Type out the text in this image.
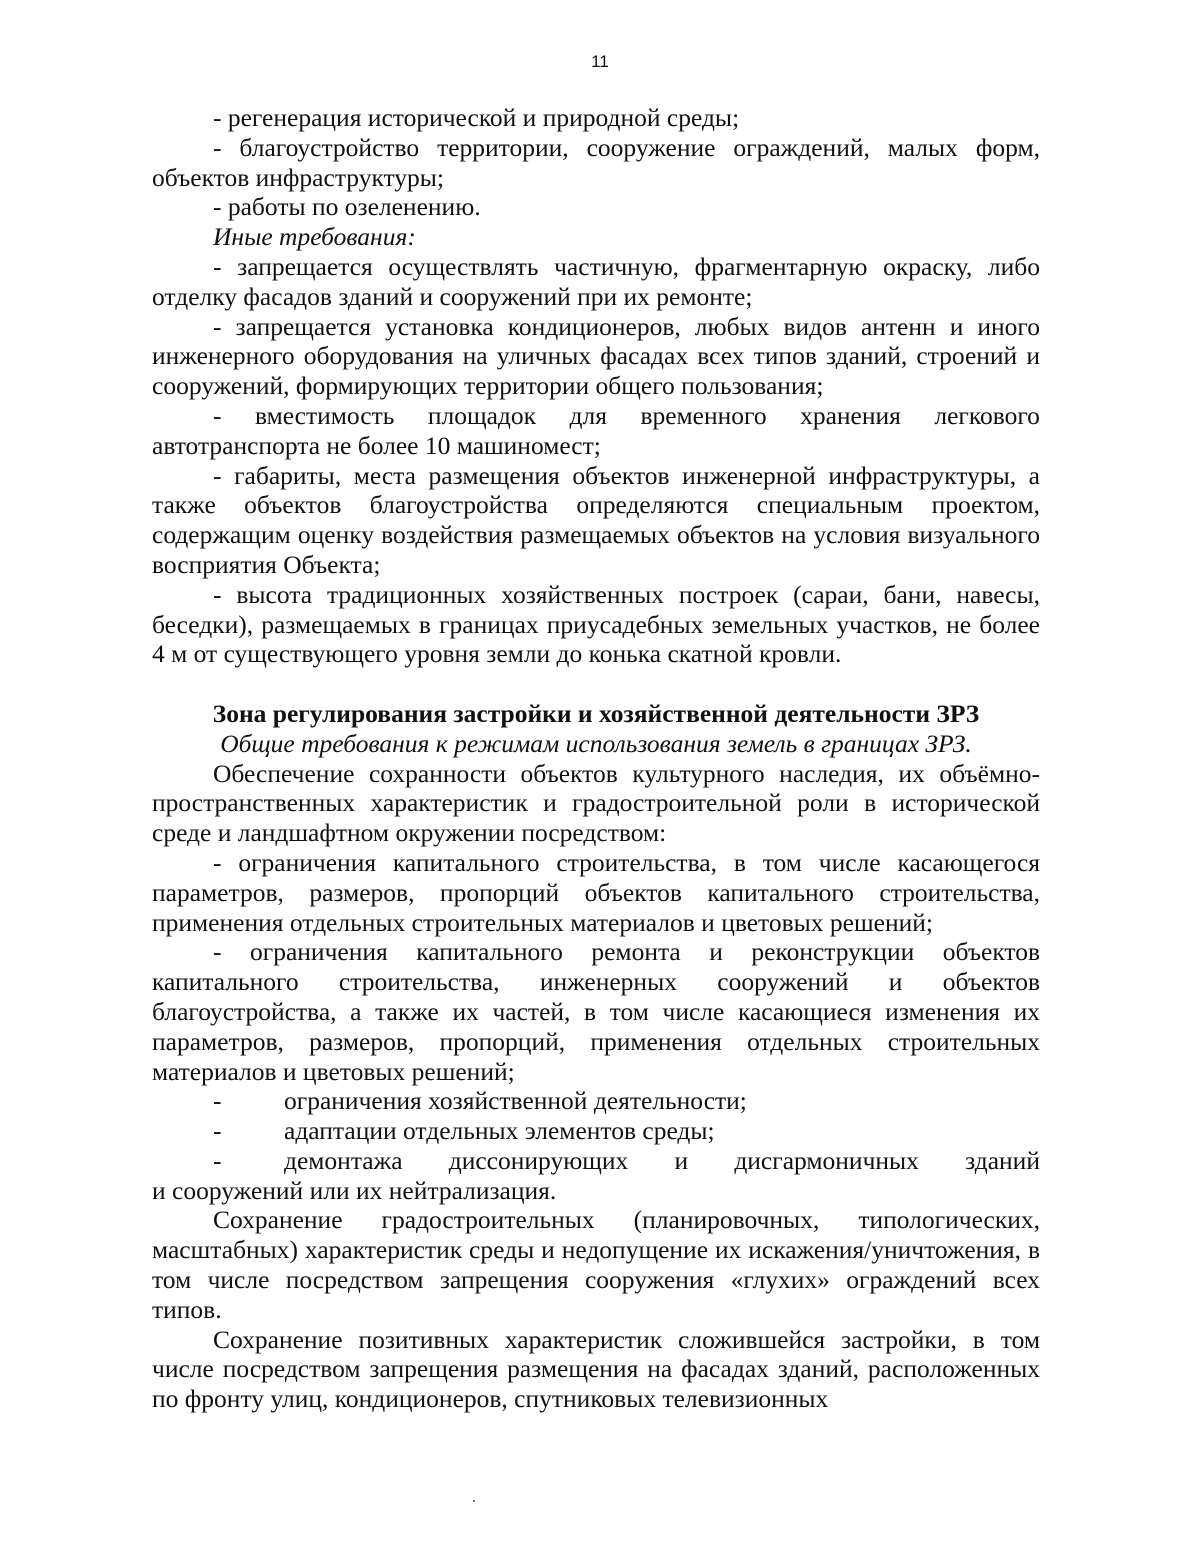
11

- регенерация исторической и природной среды;

- благоустройство территории, сооружение ограждений, малых форм, объектов инфраструктуры;

- работы по озеленению.

Иные требования:

- запрещается осуществлять частичную, фрагментарную окраску, либо отделку фасадов зданий и сооружений при их ремонте;

- запрещается установка кондиционеров, любых видов антенн и иного инженерного оборудования на уличных фасадах всех типов зданий, строений и сооружений, формирующих территории общего пользования;

- вместимость площадок для временного хранения легкового

автотранспорта не более 10 машиномест;

- габариты, места размещения объектов инженерной инфраструктуры, а также объектов благоустройства определяются специальным проектом, содержащим оценку воздействия размещаемых объектов на условия визуального восприятия Объекта;

- высота традиционных хозяйственных построек (сараи, бани, навесы, беседки), размещаемых в границах приусадебных земельных участков, не более 4 м от существующего уровня земли до конька скатной кровли.

Зона регулирования застройки и хозяйственной деятельности ЗРЗ

Общие требования к режимам использования земель в границах ЗРЗ.

Обеспечение сохранности объектов культурного наследия, их объёмно-пространственных характеристик и градостроительной роли в исторической среде и ландшафтном окружении посредством:

- ограничения капитального строительства, в том числе касающегося параметров, размеров, пропорций объектов капитального строительства, применения отдельных строительных материалов и цветовых решений;

- ограничения капитального ремонта и реконструкции объектов капитального строительства, инженерных сооружений и объектов благоустройства, а также их частей, в том числе касающиеся изменения их параметров, размеров, пропорций, применения отдельных строительных материалов и цветовых решений;

-	ограничения хозяйственной деятельности;
-	адаптации отдельных элементов среды;
-	демонтажа диссонирующих и дисгармоничных зданий

и сооружений или их нейтрализация.

Сохранение градостроительных (планировочных, типологических, масштабных) характеристик среды и недопущение их искажения/уничтожения, в том числе посредством запрещения сооружения «глухих» ограждений всех типов.

Сохранение позитивных характеристик сложившейся застройки, в том числе посредством запрещения размещения на фасадах зданий, расположенных по фронту улиц, кондиционеров, спутниковых телевизионных
